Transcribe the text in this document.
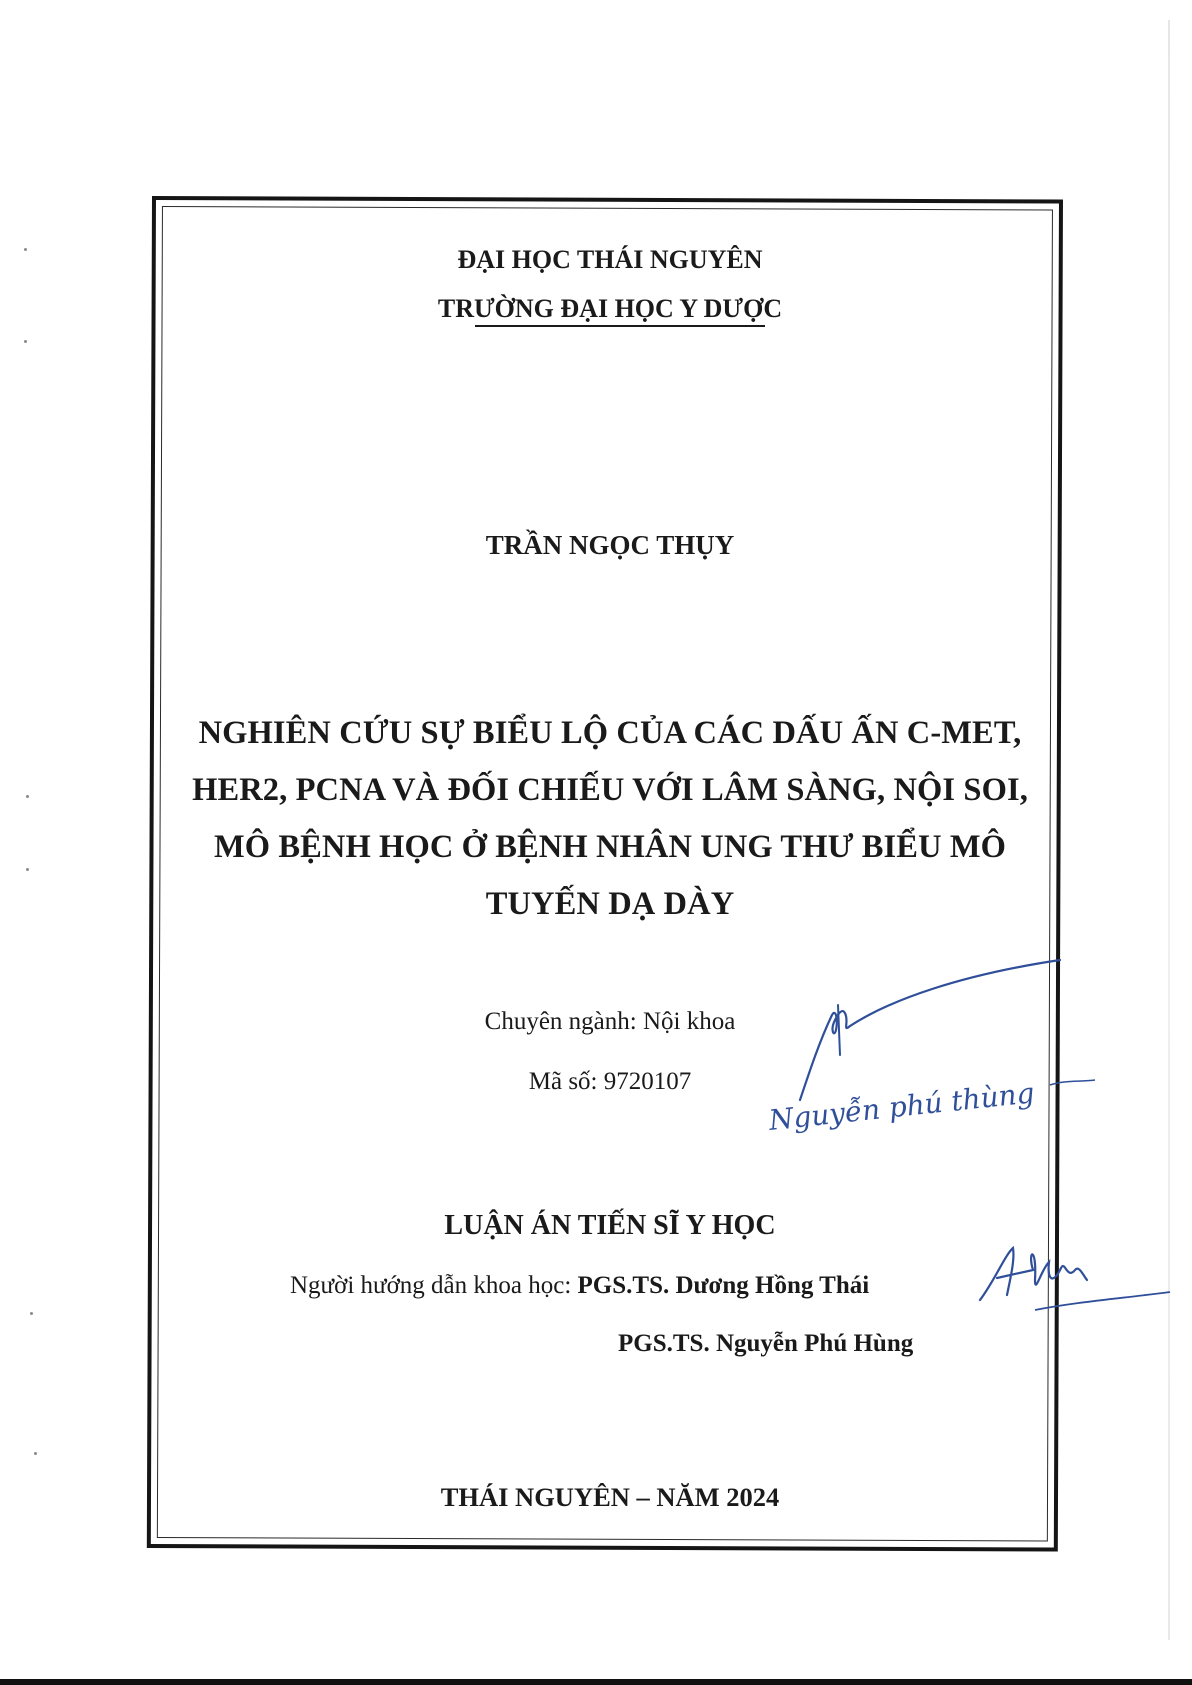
ĐẠI HỌC THÁI NGUYÊN
TRƯỜNG ĐẠI HỌC Y DƯỢC
TRẦN NGỌC THỤY
NGHIÊN CỨU SỰ BIỂU LỘ CỦA CÁC DẤU ẤN C-MET,
HER2, PCNA VÀ ĐỐI CHIẾU VỚI LÂM SÀNG, NỘI SOI,
MÔ BỆNH HỌC Ở BỆNH NHÂN UNG THƯ BIỂU MÔ
TUYẾN DẠ DÀY
Chuyên ngành: Nội khoa
Mã số: 9720107
LUẬN ÁN TIẾN SĨ Y HỌC
Người hướng dẫn khoa học: PGS.TS. Dương Hồng Thái
PGS.TS. Nguyễn Phú Hùng
THÁI NGUYÊN – NĂM 2024
Nguyễn phú thùng
